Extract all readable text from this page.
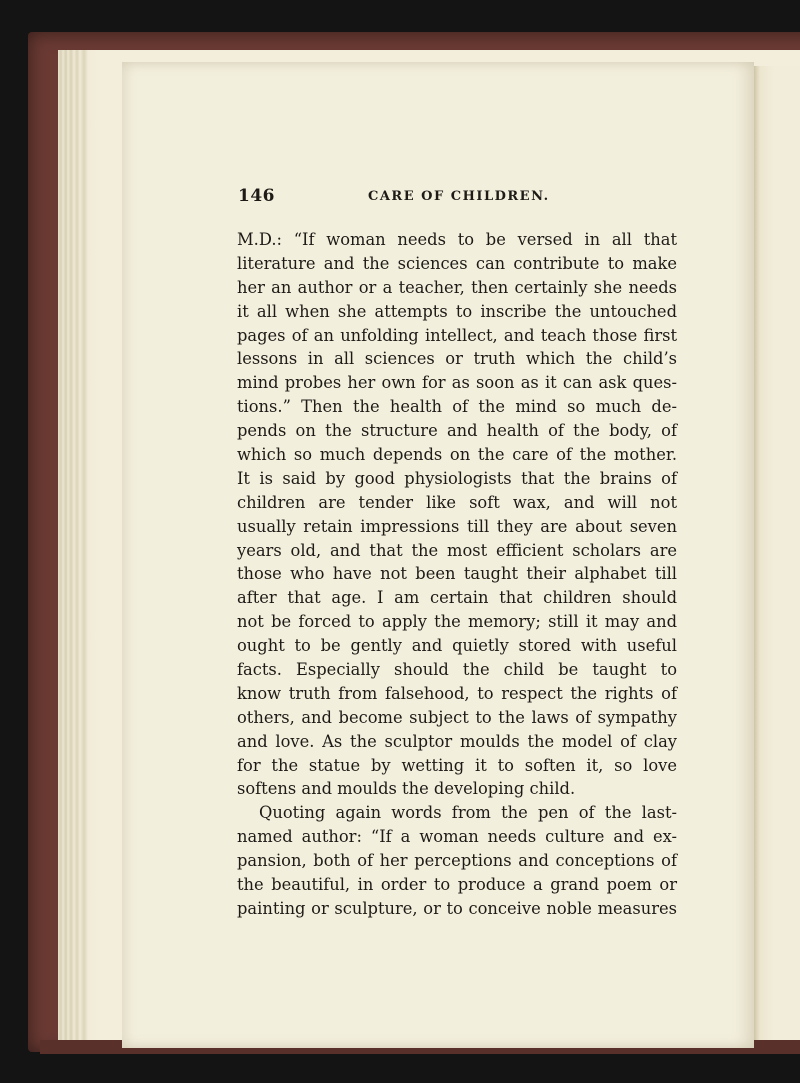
146	CARE OF CHILDREN.
M.D.: “If woman needs to be versed in all that
literature and the sciences can contribute to make
her an author or a teacher, then certainly she needs
it all when she attempts to inscribe the untouched
pages of an unfolding intellect, and teach those first
lessons in all sciences or truth which the child’s
mind probes her own for as soon as it can ask ques-
tions.” Then the health of the mind so much de-
pends on the structure and health of the body, of
which so much depends on the care of the mother.
It is said by good physiologists that the brains of
children are tender like soft wax, and will not
usually retain impressions till they are about seven
years old, and that the most efficient scholars are
those who have not been taught their alphabet till
after that age. I am certain that children should
not be forced to apply the memory; still it may and
ought to be gently and quietly stored with useful
facts. Especially should the child be taught to
know truth from falsehood, to respect the rights of
others, and become subject to the laws of sympathy
and love. As the sculptor moulds the model of clay
for the statue by wetting it to soften it, so love
softens and moulds the developing child.
Quoting again words from the pen of the last-
named author: “If a woman needs culture and ex-
pansion, both of her perceptions and conceptions of
the beautiful, in order to produce a grand poem or
painting or sculpture, or to conceive noble measures
